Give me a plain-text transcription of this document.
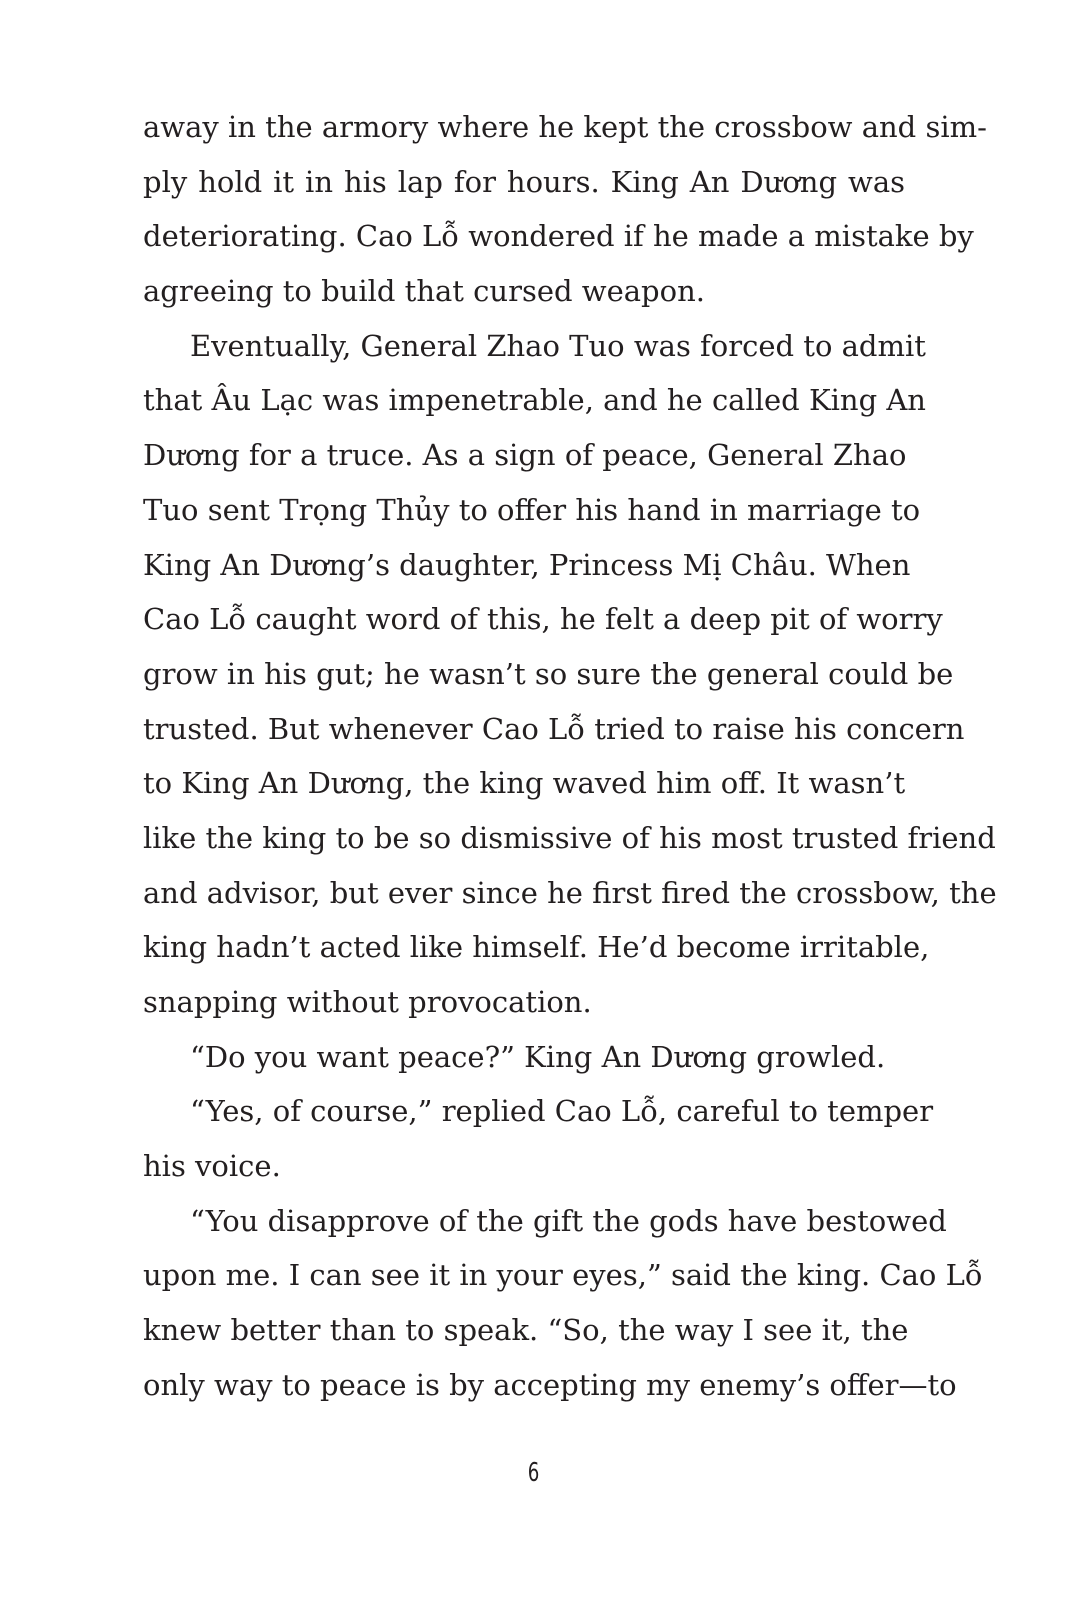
away in the armory where he kept the crossbow and sim-
ply hold it in his lap for hours. King An Dương was
deteriorating. Cao Lỗ wondered if he made a mistake by
agreeing to build that cursed weapon.
Eventually, General Zhao Tuo was forced to admit
that Âu Lạc was impenetrable, and he called King An
Dương for a truce. As a sign of peace, General Zhao
Tuo sent Trọng Thủy to offer his hand in marriage to
King An Dương’s daughter, Princess Mị Châu. When
Cao Lỗ caught word of this, he felt a deep pit of worry
grow in his gut; he wasn’t so sure the general could be
trusted. But whenever Cao Lỗ tried to raise his concern
to King An Dương, the king waved him off. It wasn’t
like the king to be so dismissive of his most trusted friend
and advisor, but ever since he first fired the crossbow, the
king hadn’t acted like himself. He’d become irritable,
snapping without provocation.
“Do you want peace?” King An Dương growled.
“Yes, of course,” replied Cao Lỗ, careful to temper
his voice.
“You disapprove of the gift the gods have bestowed
upon me. I can see it in your eyes,” said the king. Cao Lỗ
knew better than to speak. “So, the way I see it, the
only way to peace is by accepting my enemy’s offer—to
6
